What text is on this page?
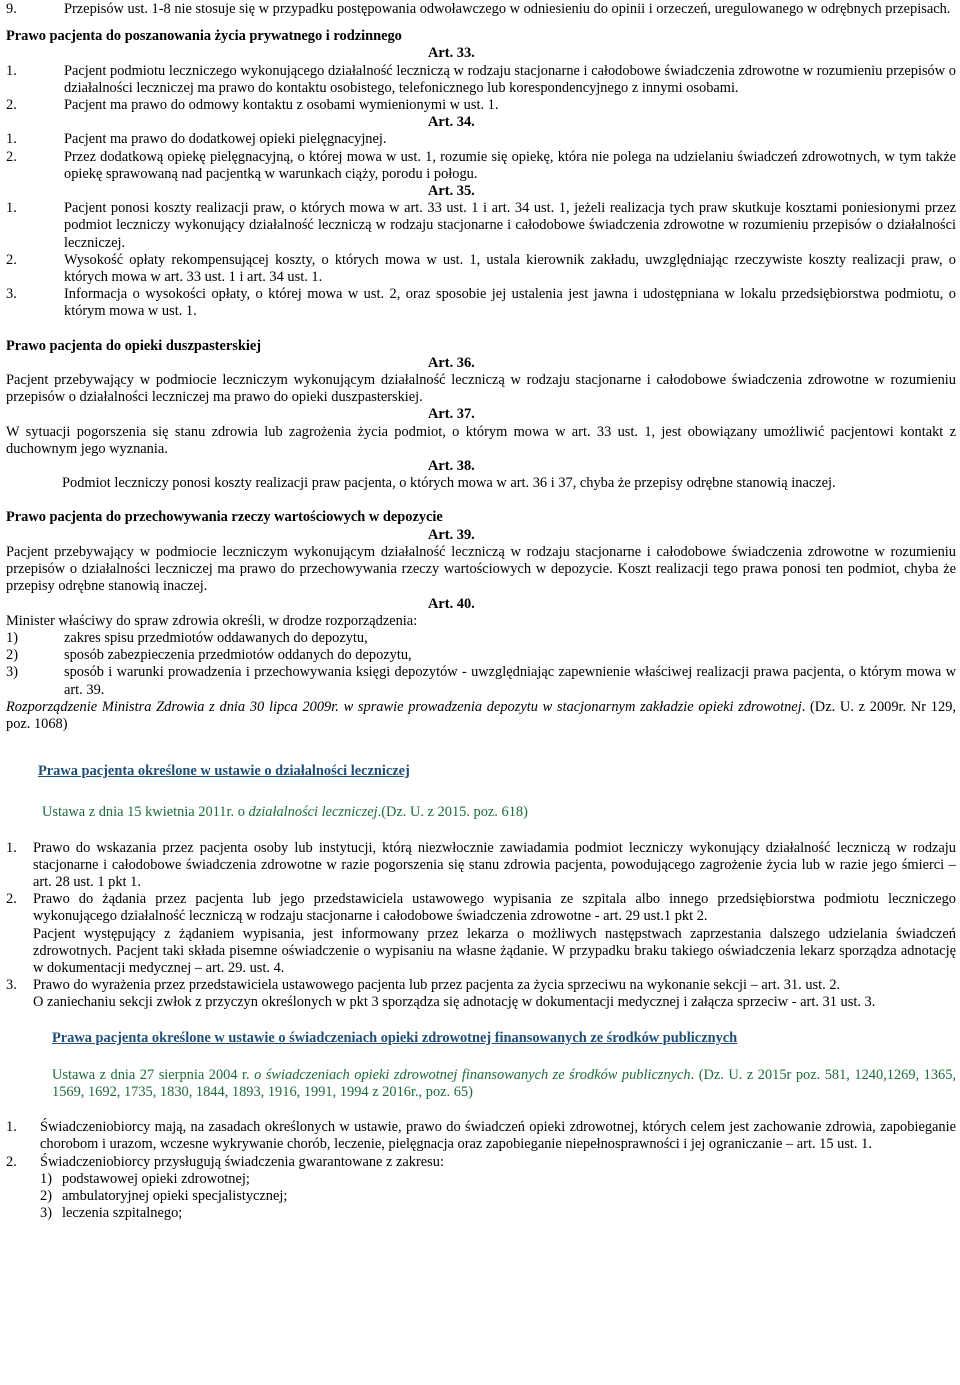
9.	Przepisów ust. 1-8 nie stosuje się w przypadku postępowania odwoławczego w odniesieniu do opinii i orzeczeń, uregulowanego w odrębnych przepisach.

Prawo pacjenta do poszanowania życia prywatnego i rodzinnego

Art. 33.

1.	Pacjent podmiotu leczniczego wykonującego działalność leczniczą w rodzaju stacjonarne i całodobowe świadczenia zdrowotne w rozumieniu przepisów o działalności leczniczej ma prawo do kontaktu osobistego, telefonicznego lub korespondencyjnego z innymi osobami.
2.	Pacjent ma prawo do odmowy kontaktu z osobami wymienionymi w ust. 1.

Art. 34.

1.	Pacjent ma prawo do dodatkowej opieki pielęgnacyjnej.
2.	Przez dodatkową opiekę pielęgnacyjną, o której mowa w ust. 1, rozumie się opiekę, która nie polega na udzielaniu świadczeń zdrowotnych, w tym także opiekę sprawowaną nad pacjentką w warunkach ciąży, porodu i połogu.

Art. 35.

1.	Pacjent ponosi koszty realizacji praw, o których mowa w art. 33 ust. 1 i art. 34 ust. 1, jeżeli realizacja tych praw skutkuje kosztami poniesionymi przez podmiot leczniczy wykonujący działalność leczniczą w rodzaju stacjonarne i całodobowe świadczenia zdrowotne w rozumieniu przepisów o działalności leczniczej.
2.	Wysokość opłaty rekompensującej koszty, o których mowa w ust. 1, ustala kierownik zakładu, uwzględniając rzeczywiste koszty realizacji praw, o których mowa w art. 33 ust. 1 i art. 34 ust. 1.
3.	Informacja o wysokości opłaty, o której mowa w ust. 2, oraz sposobie jej ustalenia jest jawna i udostępniana w lokalu przedsiębiorstwa podmiotu, o którym mowa w ust. 1.

Prawo pacjenta do opieki duszpasterskiej

Art. 36.

Pacjent przebywający w podmiocie leczniczym wykonującym działalność leczniczą w rodzaju stacjonarne i całodobowe świadczenia zdrowotne w rozumieniu przepisów o działalności leczniczej ma prawo do opieki duszpasterskiej.

Art. 37.

W sytuacji pogorszenia się stanu zdrowia lub zagrożenia życia podmiot, o którym mowa w art. 33 ust. 1, jest obowiązany umożliwić pacjentowi kontakt z duchownym jego wyznania.

Art. 38.

Podmiot leczniczy ponosi koszty realizacji praw pacjenta, o których mowa w art. 36 i 37, chyba że przepisy odrębne stanowią inaczej.

Prawo pacjenta do przechowywania rzeczy wartościowych w depozycie

Art. 39.

Pacjent przebywający w podmiocie leczniczym wykonującym działalność leczniczą w rodzaju stacjonarne i całodobowe świadczenia zdrowotne w rozumieniu przepisów o działalności leczniczej ma prawo do przechowywania rzeczy wartościowych w depozycie. Koszt realizacji tego prawa ponosi ten podmiot, chyba że przepisy odrębne stanowią inaczej.

Art. 40.

Minister właściwy do spraw zdrowia określi, w drodze rozporządzenia:

1)	zakres spisu przedmiotów oddawanych do depozytu,
2)	sposób zabezpieczenia przedmiotów oddanych do depozytu,
3)	sposób i warunki prowadzenia i przechowywania księgi depozytów - uwzględniając zapewnienie właściwej realizacji prawa pacjenta, o którym mowa w art. 39.

Rozporządzenie Ministra Zdrowia z dnia 30 lipca 2009r. w sprawie prowadzenia depozytu w stacjonarnym zakładzie opieki zdrowotnej. (Dz. U. z 2009r. Nr 129, poz. 1068)

Prawa pacjenta określone w ustawie o działalności leczniczej

Ustawa z dnia 15 kwietnia 2011r. o działalności leczniczej.(Dz. U. z 2015. poz. 618)

1.	Prawo do wskazania przez pacjenta osoby lub instytucji, którą niezwłocznie zawiadamia podmiot leczniczy wykonujący działalność leczniczą w rodzaju stacjonarne i całodobowe świadczenia zdrowotne w razie pogorszenia się stanu zdrowia pacjenta, powodującego zagrożenie życia lub w razie jego śmierci – art. 28 ust. 1 pkt 1.
2.	Prawo do żądania przez pacjenta lub jego przedstawiciela ustawowego wypisania ze szpitala albo innego przedsiębiorstwa podmiotu leczniczego wykonującego działalność leczniczą w rodzaju stacjonarne i całodobowe świadczenia zdrowotne - art. 29 ust.1 pkt 2.

Pacjent występujący z żądaniem wypisania, jest informowany przez lekarza o możliwych następstwach zaprzestania dalszego udzielania świadczeń zdrowotnych. Pacjent taki składa pisemne oświadczenie o wypisaniu na własne żądanie. W przypadku braku takiego oświadczenia lekarz sporządza adnotację w dokumentacji medycznej – art. 29. ust. 4.

3.	Prawo do wyrażenia przez przedstawiciela ustawowego pacjenta lub przez pacjenta za życia sprzeciwu na wykonanie sekcji – art. 31. ust. 2.

O zaniechaniu sekcji zwłok z przyczyn określonych w pkt 3 sporządza się adnotację w dokumentacji medycznej i załącza sprzeciw - art. 31 ust. 3.

Prawa pacjenta określone w ustawie o świadczeniach opieki zdrowotnej finansowanych ze środków publicznych

Ustawa z dnia 27 sierpnia 2004 r. o świadczeniach opieki zdrowotnej finansowanych ze środków publicznych. (Dz. U. z 2015r poz. 581, 1240,1269, 1365, 1569, 1692, 1735, 1830, 1844, 1893, 1916, 1991, 1994 z 2016r., poz. 65)

1.	Świadczeniobiorcy mają, na zasadach określonych w ustawie, prawo do świadczeń opieki zdrowotnej, których celem jest zachowanie zdrowia, zapobieganie chorobom i urazom, wczesne wykrywanie chorób, leczenie, pielęgnacja oraz zapobieganie niepełnosprawności i jej ograniczanie – art. 15 ust. 1.
2.	Świadczeniobiorcy przysługują świadczenia gwarantowane z zakresu:
1) podstawowej opieki zdrowotnej;
2) ambulatoryjnej opieki specjalistycznej;
3) leczenia szpitalnego;
